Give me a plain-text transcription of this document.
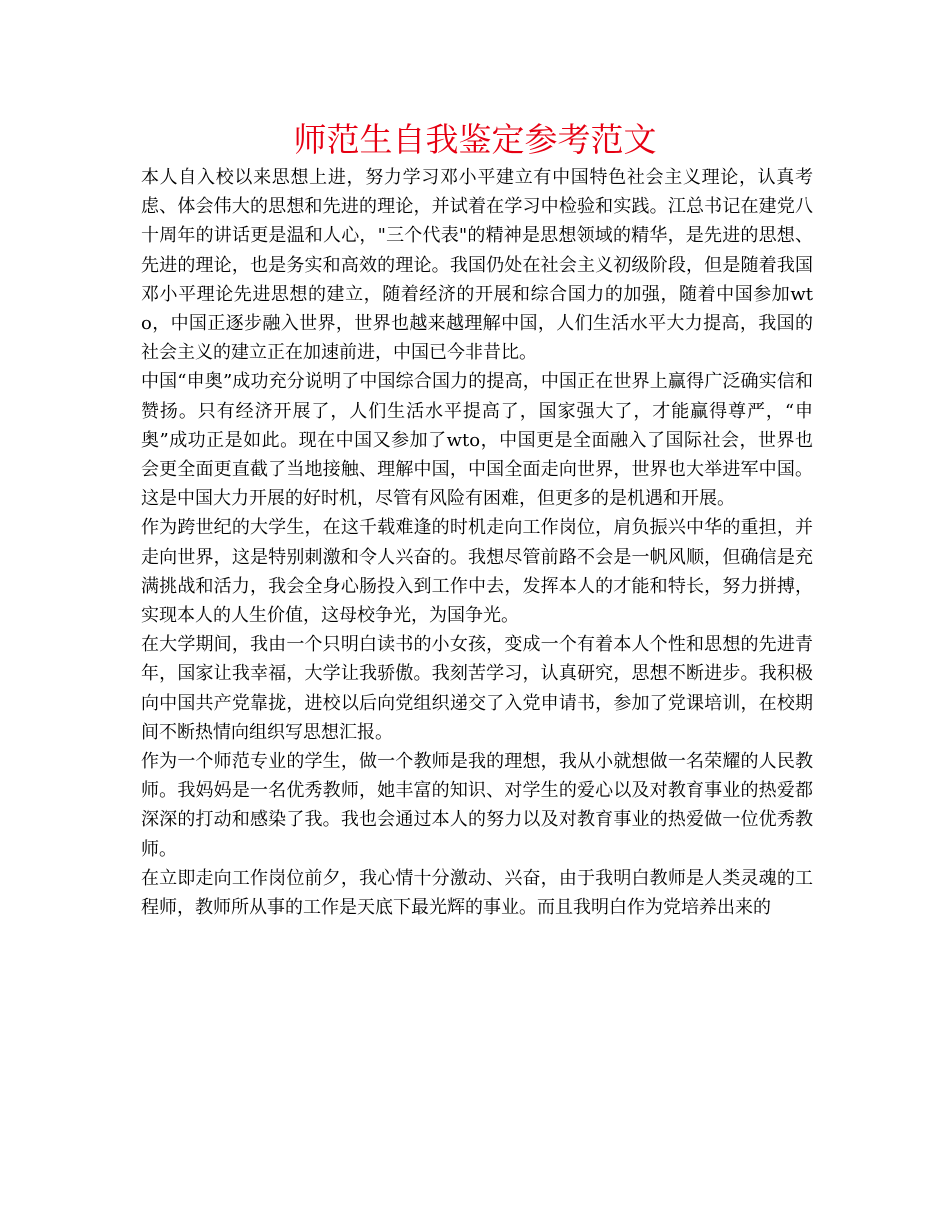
师范生自我鉴定参考范文

本人自入校以来思想上进，努力学习邓小平建立有中国特色社会主义理论，认真考虑、体会伟大的思想和先进的理论，并试着在学习中检验和实践。江总书记在建党八十周年的讲话更是温和人心，"三个代表"的精神是思想领域的精华，是先进的思想、先进的理论，也是务实和高效的理论。我国仍处在社会主义初级阶段，但是随着我国邓小平理论先进思想的建立，随着经济的开展和综合国力的加强，随着中国参加wto，中国正逐步融入世界，世界也越来越理解中国，人们生活水平大力提高，我国的社会主义的建立正在加速前进，中国已今非昔比。

中国“申奥”成功充分说明了中国综合国力的提高，中国正在世界上赢得广泛确实信和赞扬。只有经济开展了，人们生活水平提高了，国家强大了，才能赢得尊严，“申奥”成功正是如此。现在中国又参加了wto，中国更是全面融入了国际社会，世界也会更全面更直截了当地接触、理解中国，中国全面走向世界，世界也大举进军中国。这是中国大力开展的好时机，尽管有风险有困难，但更多的是机遇和开展。

作为跨世纪的大学生，在这千载难逢的时机走向工作岗位，肩负振兴中华的重担，并走向世界，这是特别刺激和令人兴奋的。我想尽管前路不会是一帆风顺，但确信是充满挑战和活力，我会全身心肠投入到工作中去，发挥本人的才能和特长，努力拼搏，实现本人的人生价值，这母校争光，为国争光。

在大学期间，我由一个只明白读书的小女孩，变成一个有着本人个性和思想的先进青年，国家让我幸福，大学让我骄傲。我刻苦学习，认真研究，思想不断进步。我积极向中国共产党靠拢，进校以后向党组织递交了入党申请书，参加了党课培训，在校期间不断热情向组织写思想汇报。

作为一个师范专业的学生，做一个教师是我的理想，我从小就想做一名荣耀的人民教师。我妈妈是一名优秀教师，她丰富的知识、对学生的爱心以及对教育事业的热爱都深深的打动和感染了我。我也会通过本人的努力以及对教育事业的热爱做一位优秀教师。

在立即走向工作岗位前夕，我心情十分激动、兴奋，由于我明白教师是人类灵魂的工程师，教师所从事的工作是天底下最光辉的事业。而且我明白作为党培养出来的
